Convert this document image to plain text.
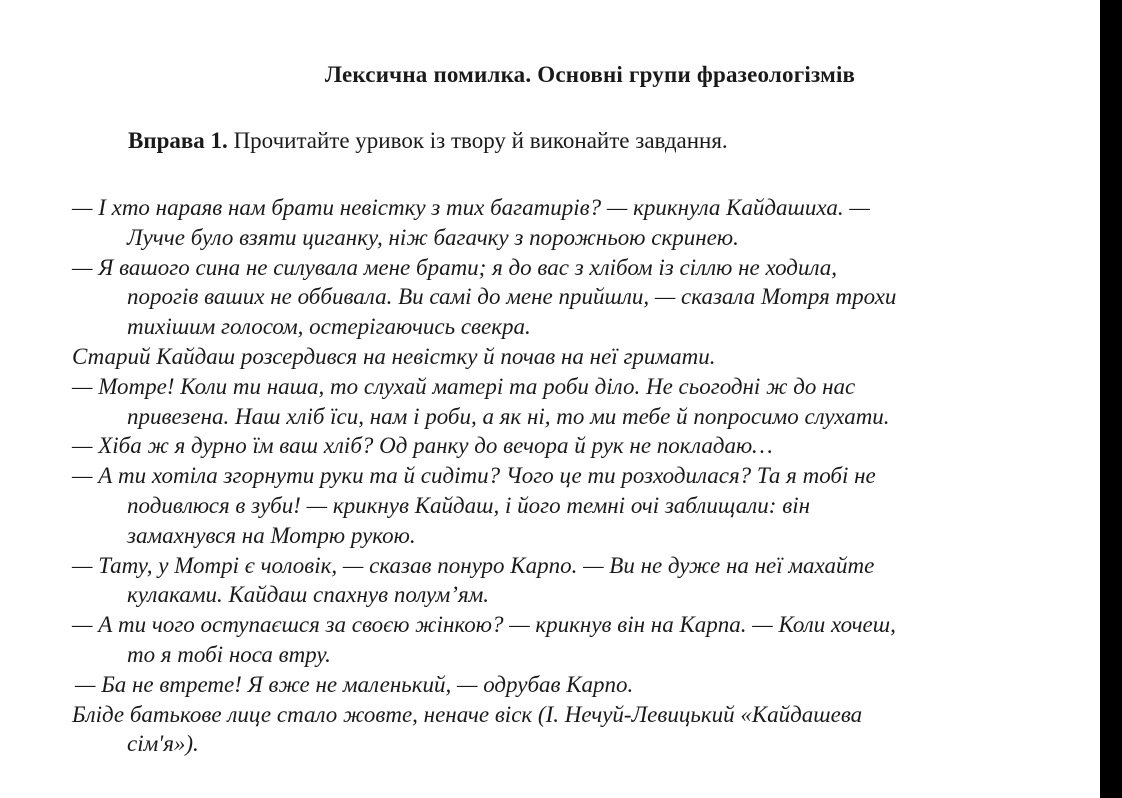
Лексична помилка. Основні групи фразеологізмів
Вправа 1. Прочитайте уривок із твору й виконайте завдання.

— І хто нараяв нам брати невістку з тих багатирів? — крикнула Кайдашиха. —
Лучче було взяти циганку, ніж багачку з порожньою скринею.

— Я вашого сина не силувала мене брати; я до вас з хлібом із сіллю не ходила,
порогів ваших не оббивала. Ви самі до мене прийшли, — сказала Мотря трохи
тихішим голосом, остерігаючись свекра.

Старий Кайдаш розсердився на невістку й почав на неї гримати.

— Мотре! Коли ти наша, то слухай матері та роби діло. Не сьогодні ж до нас
привезена. Наш хліб їси, нам і роби, а як ні, то ми тебе й попросимо слухати.

— Хіба ж я дурно їм ваш хліб? Од ранку до вечора й рук не покладаю…

— А ти хотіла згорнути руки та й сидіти? Чого це ти розходилася? Та я тобі не
подивлюся в зуби! — крикнув Кайдаш, і його темні очі заблищали: він
замахнувся на Мотрю рукою.

— Тату, у Мотрі є чоловік, — сказав понуро Карпо. — Ви не дуже на неї махайте
кулаками. Кайдаш спахнув полум’ям.

— А ти чого оступаєшся за своєю жінкою? — крикнув він на Карпа. — Коли хочеш,
то я тобі носа втру.

— Ба не втрете! Я вже не маленький, — одрубав Карпо.

Бліде батькове лице стало жовте, неначе віск (І. Нечуй-Левицький «Кайдашева
сім'я»).
